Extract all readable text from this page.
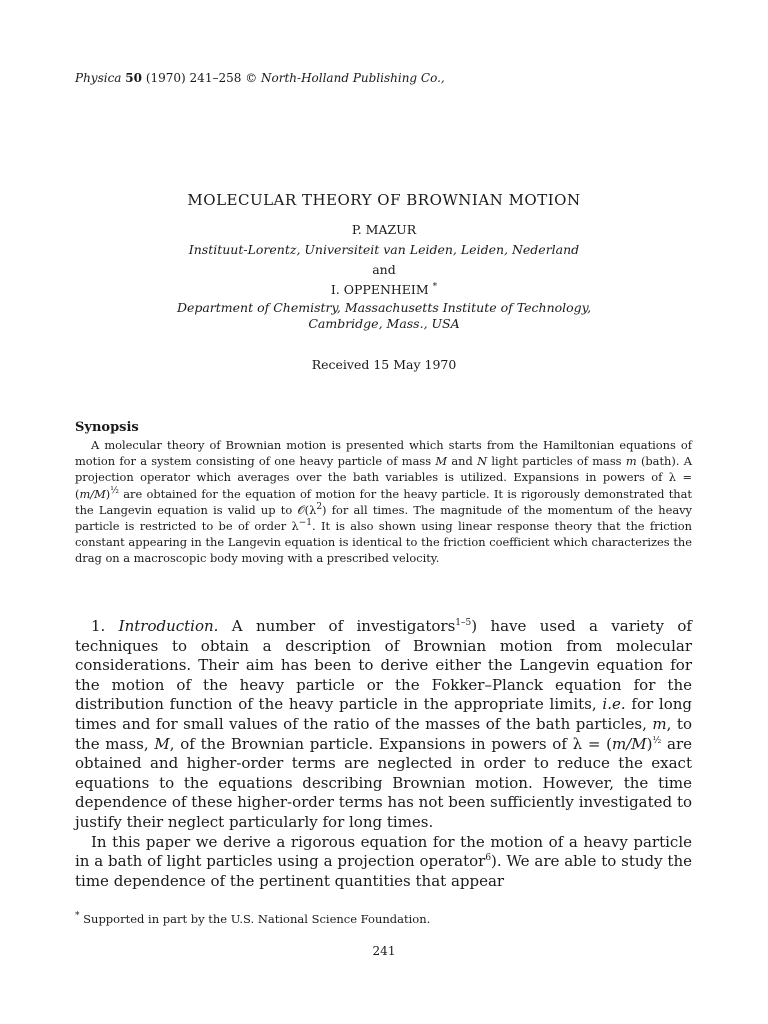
Physica 50 (1970) 241–258 © North-Holland Publishing Co.,
MOLECULAR THEORY OF BROWNIAN MOTION
P. MAZUR
Instituut-Lorentz, Universiteit van Leiden, Leiden, Nederland
and
I. OPPENHEIM *
Department of Chemistry, Massachusetts Institute of Technology,
Cambridge, Mass., USA
Received 15 May 1970
Synopsis

A molecular theory of Brownian motion is presented which starts from the Hamiltonian equations of motion for a system consisting of one heavy particle of mass M and N light particles of mass m (bath). A projection operator which averages over the bath variables is utilized. Expansions in powers of $\lambda = (m/M)^{\frac{1}{2}}$ are obtained for the equation of motion for the heavy particle. It is rigorously demonstrated that the Langevin equation is valid up to $𝒪(\lambda^2)$ for all times. The magnitude of the momentum of the heavy particle is restricted to be of order $\lambda^{-1}$. It is also shown using linear response theory that the friction constant appearing in the Langevin equation is identical to the friction coefficient which characterizes the drag on a macroscopic body moving with a prescribed velocity.

1. Introduction. A number of investigators$^{1-5}$) have used a variety of techniques to obtain a description of Brownian motion from molecular considerations. Their aim has been to derive either the Langevin equation for the motion of the heavy particle or the Fokker–Planck equation for the distribution function of the heavy particle in the appropriate limits, i.e. for long times and for small values of the ratio of the masses of the bath particles, m, to the mass, M, of the Brownian particle. Expansions in powers of $\lambda = (m/M)^{\frac{1}{2}}$ are obtained and higher-order terms are neglected in order to reduce the exact equations to the equations describing Brownian motion. However, the time dependence of these higher-order terms has not been sufficiently investigated to justify their neglect particularly for long times.

In this paper we derive a rigorous equation for the motion of a heavy particle in a bath of light particles using a projection operator$^6$). We are able to study the time dependence of the pertinent quantities that appear

* Supported in part by the U.S. National Science Foundation.
241
